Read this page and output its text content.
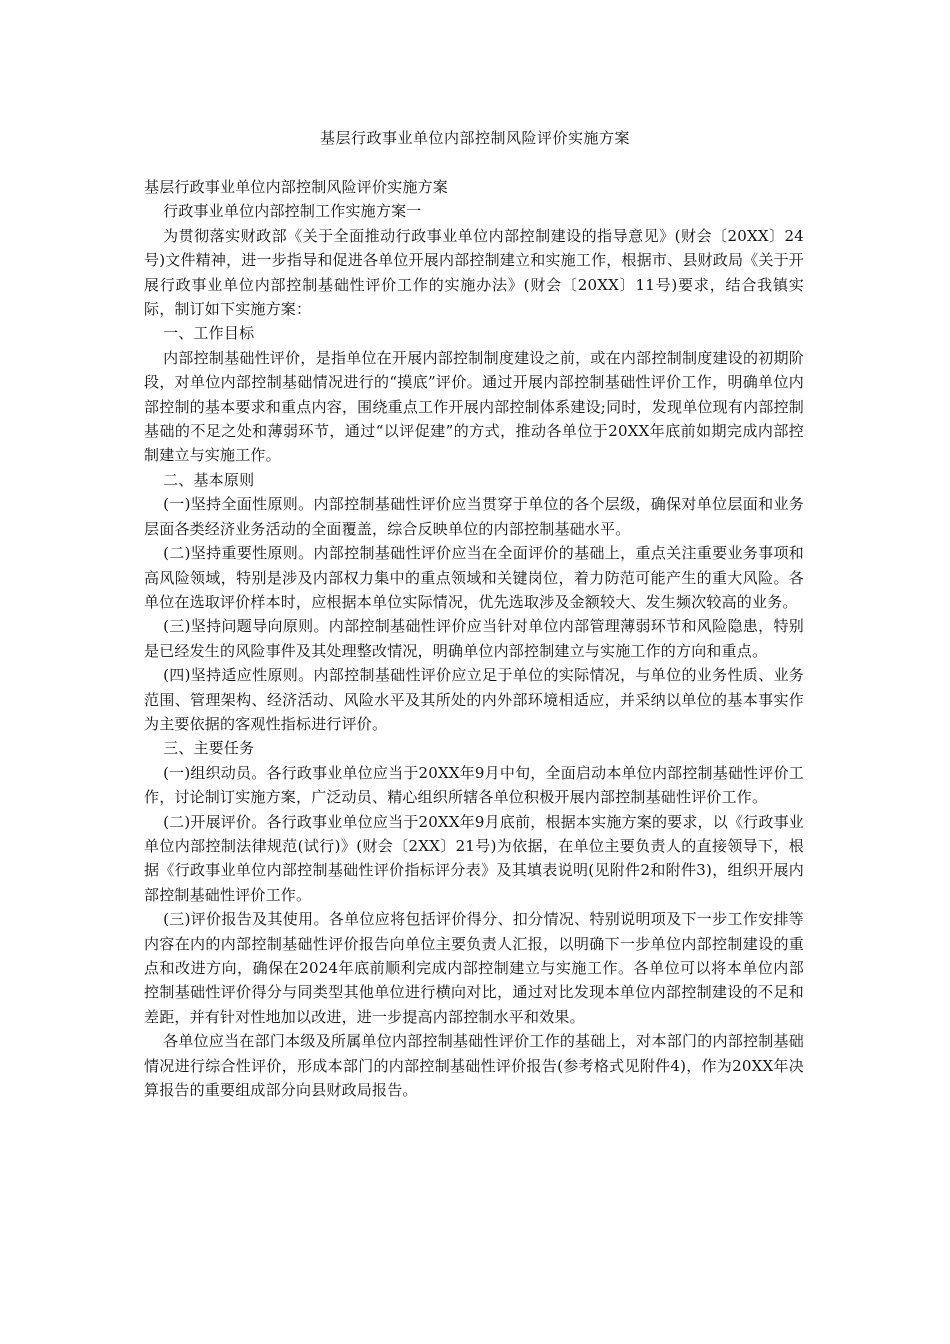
基层行政事业单位内部控制风险评价实施方案

基层行政事业单位内部控制风险评价实施方案

行政事业单位内部控制工作实施方案一

为贯彻落实财政部《关于全面推动行政事业单位内部控制建设的指导意见》(财会〔20XX〕24号)文件精神，进一步指导和促进各单位开展内部控制建立和实施工作，根据市、县财政局《关于开展行政事业单位内部控制基础性评价工作的实施办法》(财会〔20XX〕11号)要求，结合我镇实际，制订如下实施方案：

一、工作目标

内部控制基础性评价，是指单位在开展内部控制制度建设之前，或在内部控制制度建设的初期阶段，对单位内部控制基础情况进行的“摸底”评价。通过开展内部控制基础性评价工作，明确单位内部控制的基本要求和重点内容，围绕重点工作开展内部控制体系建设;同时，发现单位现有内部控制基础的不足之处和薄弱环节，通过“以评促建”的方式，推动各单位于20XX年底前如期完成内部控制建立与实施工作。

二、基本原则

(一)坚持全面性原则。内部控制基础性评价应当贯穿于单位的各个层级，确保对单位层面和业务层面各类经济业务活动的全面覆盖，综合反映单位的内部控制基础水平。

(二)坚持重要性原则。内部控制基础性评价应当在全面评价的基础上，重点关注重要业务事项和高风险领域，特别是涉及内部权力集中的重点领域和关键岗位，着力防范可能产生的重大风险。各单位在选取评价样本时，应根据本单位实际情况，优先选取涉及金额较大、发生频次较高的业务。

(三)坚持问题导向原则。内部控制基础性评价应当针对单位内部管理薄弱环节和风险隐患，特别是已经发生的风险事件及其处理整改情况，明确单位内部控制建立与实施工作的方向和重点。

(四)坚持适应性原则。内部控制基础性评价应立足于单位的实际情况，与单位的业务性质、业务范围、管理架构、经济活动、风险水平及其所处的内外部环境相适应，并采纳以单位的基本事实作为主要依据的客观性指标进行评价。

三、主要任务

(一)组织动员。各行政事业单位应当于20XX年9月中旬，全面启动本单位内部控制基础性评价工作，讨论制订实施方案，广泛动员、精心组织所辖各单位积极开展内部控制基础性评价工作。

(二)开展评价。各行政事业单位应当于20XX年9月底前，根据本实施方案的要求，以《行政事业单位内部控制法律规范(试行)》(财会〔2XX〕21号)为依据，在单位主要负责人的直接领导下，根据《行政事业单位内部控制基础性评价指标评分表》及其填表说明(见附件2和附件3)，组织开展内部控制基础性评价工作。

(三)评价报告及其使用。各单位应将包括评价得分、扣分情况、特别说明项及下一步工作安排等内容在内的内部控制基础性评价报告向单位主要负责人汇报，以明确下一步单位内部控制建设的重点和改进方向，确保在2024年底前顺利完成内部控制建立与实施工作。各单位可以将本单位内部控制基础性评价得分与同类型其他单位进行横向对比，通过对比发现本单位内部控制建设的不足和差距，并有针对性地加以改进，进一步提高内部控制水平和效果。

各单位应当在部门本级及所属单位内部控制基础性评价工作的基础上，对本部门的内部控制基础情况进行综合性评价，形成本部门的内部控制基础性评价报告(参考格式见附件4)，作为20XX年决算报告的重要组成部分向县财政局报告。
